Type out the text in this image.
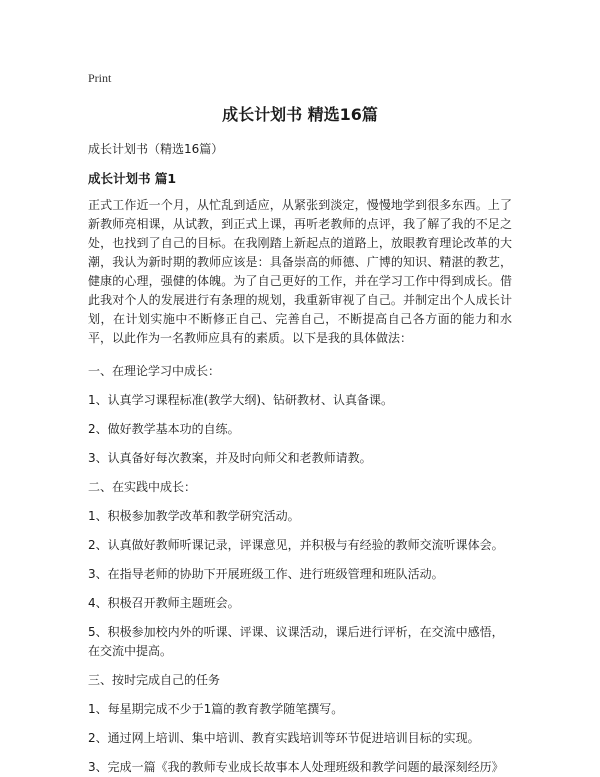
Print
成长计划书 精选16篇
成长计划书（精选16篇）
成长计划书 篇1
正式工作近一个月，从忙乱到适应，从紧张到淡定，慢慢地学到很多东西。上了新教师亮相课，从试教，到正式上课，再听老教师的点评，我了解了我的不足之处，也找到了自己的目标。在我刚踏上新起点的道路上，放眼教育理论改革的大潮，我认为新时期的教师应该是：具备崇高的师德、广博的知识、精湛的教艺，健康的心理，强健的体魄。为了自己更好的工作，并在学习工作中得到成长。借此我对个人的发展进行有条理的规划，我重新审视了自己。并制定出个人成长计划，在计划实施中不断修正自己、完善自己，不断提高自己各方面的能力和水平，以此作为一名教师应具有的素质。以下是我的具体做法：
一、在理论学习中成长：
1、认真学习课程标准(教学大纲)、钻研教材、认真备课。
2、做好教学基本功的自练。
3、认真备好每次教案，并及时向师父和老教师请教。
二、在实践中成长：
1、积极参加教学改革和教学研究活动。
2、认真做好教师听课记录，评课意见，并积极与有经验的教师交流听课体会。
3、在指导老师的协助下开展班级工作、进行班级管理和班队活动。
4、积极召开教师主题班会。
5、积极参加校内外的听课、评课、议课活动，课后进行评析，在交流中感悟，在交流中提高。
三、按时完成自己的任务
1、每星期完成不少于1篇的教育教学随笔撰写。
2、通过网上培训、集中培训、教育实践培训等环节促进培训目标的实现。
3、完成一篇《我的教师专业成长故事本人处理班级和教学问题的最深刻经历》
